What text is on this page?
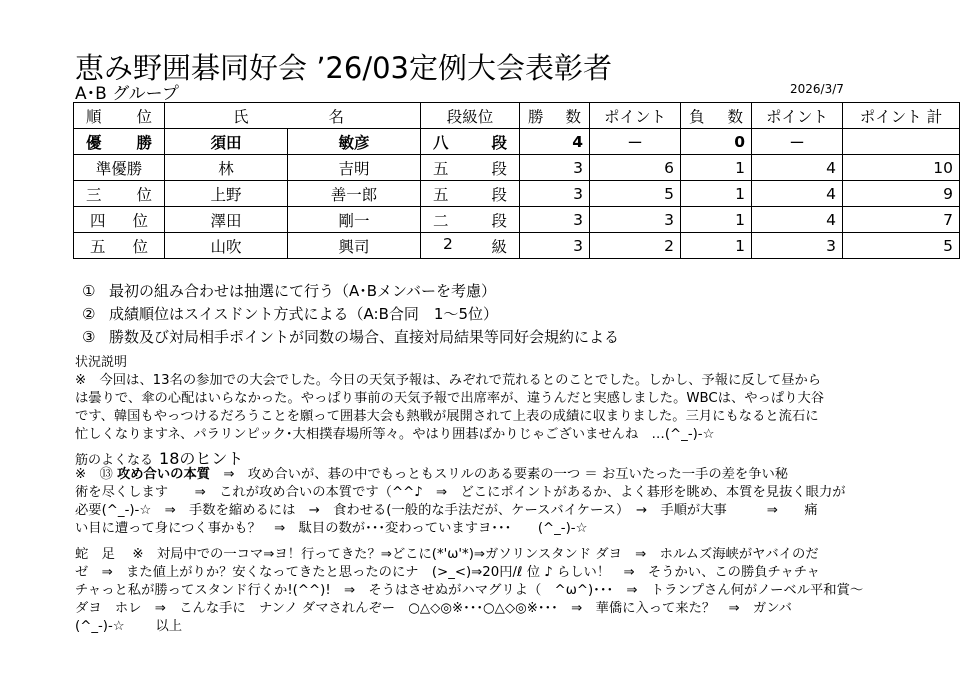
恵み野囲碁同好会 ’26/03定例大会表彰者
A･B グループ	2026/3/7
順 位	氏 名		段級位	勝 数	ポイント	負 数	ポイント	ポイント 計

優 勝	須田	敏彦	八 段	4	－	0	－	
準優勝	林	吉明	五 段	3	6	1	4	10

三 位	上野	善一郎	五 段	3	5	1	4	9

四 位	澤田	剛一	二 段	3	3	1	4	7

五 位	山吹	興司	2 級	3	2	1	3	5
① 最初の組み合わせは抽選にて行う（A･Bメンバーを考慮）
② 成績順位はスイスドント方式による（A:B合同　1～5位）
③ 勝数及び対局相手ポイントが同数の場合、直接対局結果等同好会規約による
状況説明
※　今回は、13名の参加での大会でした。今日の天気予報は、みぞれで荒れるとのことでした。しかし、予報に反して昼から
は曇りで、傘の心配はいらなかった。やっぱり事前の天気予報で出席率が、違うんだと実感しました。WBCは、やっぱり大谷
です、韓国もやっつけるだろうことを願って囲碁大会も熱戦が展開されて上表の成績に収まりました。三月にもなると流石に
忙しくなりますネ、パラリンピック･大相撲春場所等々。やはり囲碁ばかりじゃございませんね　…(^_-)-☆
筋のよくなる 18のヒント
※　⑬ 攻め合いの本質　⇒　攻め合いが、碁の中でもっともスリルのある要素の一つ ＝ お互いたった一手の差を争い秘
術を尽くします　　⇒　これが攻め合いの本質です（^^♪　⇒　どこにポイントがあるか、よく碁形を眺め、本質を見抜く眼力が
必要(^_-)-☆　⇒　手数を縮めるには　→　食わせる(一般的な手法だが、ケースバイケース）　→　手順が大事　　　⇒　　痛
い目に遭って身につく事かも？　⇒　駄目の数が･･･変わっていますヨ･･･　　(^_-)-☆
蛇　足　 ※　対局中での一コマ⇒ヨ！行ってきた？⇒どこに(*'ω'*)⇒ガソリンスタンド ダヨ　⇒　ホルムズ海峡がヤバイのだ
ゼ　⇒　また値上がりか？安くなってきたと思ったのにナ　(>_<)⇒20円/ℓ 位 ♪ らしい！　⇒　そうかい、この勝負チャチャ
チャっと私が勝ってスタンド行くか!(^^)!　⇒　そうはさせぬがハマグリよ（　^ω^)･･･　⇒　トランプさん何がノーベル平和賞～
ダヨ　ホレ　⇒　こんな手に　ナンノ ダマされんぞー　○△◇◎※･･･○△◇◎※･･･　⇒　華僑に入って来た？　⇒　ガンバ
(^_-)-☆　　 以上
